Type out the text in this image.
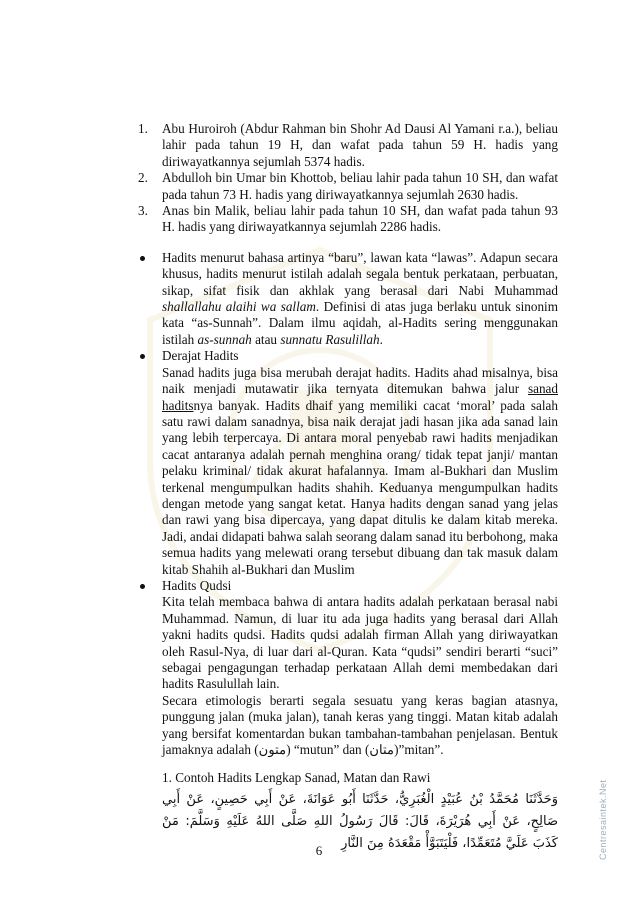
Centresaintek.Net
1. Abu Huroiroh (Abdur Rahman bin Shohr Ad Dausi Al Yamani r.a.), beliau lahir pada tahun 19 H, dan wafat pada tahun 59 H. hadis yang diriwayatkannya sejumlah 5374 hadis.
2. Abdulloh bin Umar bin Khottob, beliau lahir pada tahun 10 SH, dan wafat pada tahun 73 H. hadis yang diriwayatkannya sejumlah 2630 hadis.
3. Anas bin Malik, beliau lahir pada tahun 10 SH, dan wafat pada tahun 93 H. hadis yang diriwayatkannya sejumlah 2286 hadis.
Hadits menurut bahasa artinya “baru”, lawan kata “lawas”. Adapun secara khusus, hadits menurut istilah adalah segala bentuk perkataan, perbuatan, sikap, sifat fisik dan akhlak yang berasal dari Nabi Muhammad shallallahu alaihi wa sallam. Definisi di atas juga berlaku untuk sinonim kata “as-Sunnah”. Dalam ilmu aqidah, al-Hadits sering menggunakan istilah as-sunnah atau sunnatu Rasulillah.
Derajat Hadits

Sanad hadits juga bisa merubah derajat hadits. Hadits ahad misalnya, bisa naik menjadi mutawatir jika ternyata ditemukan bahwa jalur sanad haditsnya banyak. Hadits dhaif yang memiliki cacat ‘moral’ pada salah satu rawi dalam sanadnya, bisa naik derajat jadi hasan jika ada sanad lain yang lebih terpercaya. Di antara moral penyebab rawi hadits menjadikan cacat antaranya adalah pernah menghina orang/ tidak tepat janji/ mantan pelaku kriminal/ tidak akurat hafalannya. Imam al-Bukhari dan Muslim terkenal mengumpulkan hadits shahih. Keduanya mengumpulkan hadits dengan metode yang sangat ketat. Hanya hadits dengan sanad yang jelas dan rawi yang bisa dipercaya, yang dapat ditulis ke dalam kitab mereka. Jadi, andai didapati bahwa salah seorang dalam sanad itu berbohong, maka semua hadits yang melewati orang tersebut dibuang dan tak masuk dalam kitab Shahih al-Bukhari dan Muslim

Hadits Qudsi

Kita telah membaca bahwa di antara hadits adalah perkataan berasal nabi Muhammad. Namun, di luar itu ada juga hadits yang berasal dari Allah yakni hadits qudsi. Hadits qudsi adalah firman Allah yang diriwayatkan oleh Rasul-Nya, di luar dari al-Quran. Kata “qudsi” sendiri berarti “suci” sebagai pengagungan terhadap perkataan Allah demi membedakan dari hadits Rasulullah lain.

Secara etimologis berarti segala sesuatu yang keras bagian atasnya, punggung jalan (muka jalan), tanah keras yang tinggi. Matan kitab adalah yang bersifat komentardan bukan tambahan-tambahan penjelasan. Bentuk jamaknya adalah (متون) “mutun” dan (متان)”mitan”.

1. Contoh Hadits Lengkap Sanad, Matan dan Rawi
وَحَدَّثَنَا مُحَمَّدُ بْنُ عُبَيْدٍ الْغُبَرِيُّ، حَدَّثَنَا أَبُو عَوَانَةَ، عَنْ أَبِي حَصِينٍ، عَنْ أَبِي صَالِحٍ، عَنْ أَبِي هُرَيْرَةَ، قَالَ: قَالَ رَسُولُ اللهِ صَلَّى اللهُ عَلَيْهِ وَسَلَّمَ: مَنْ كَذَبَ عَلَيَّ مُتَعَمِّدًا، فَلْيَتَبَوَّأْ مَقْعَدَهُ مِنَ النَّارِ
6
